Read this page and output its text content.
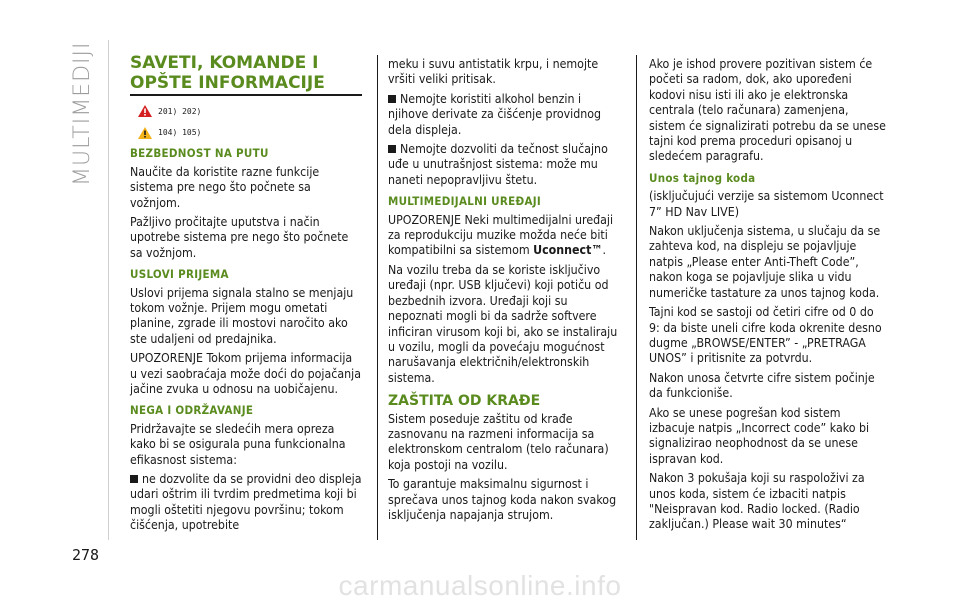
MULTIMEDIJI SAVETI, KOMANDE I
OPŠTE INFORMACIJE
201) 202)
104) 105)
BEZBEDNOST NA PUTU

Naučite da koristite razne funkcije sistema pre nego što počnete sa vožnjom.

Pažljivo pročitajte uputstva i način upotrebe sistema pre nego što počnete sa vožnjom.

USLOVI PRIJEMA

Uslovi prijema signala stalno se menjaju tokom vožnje. Prijem mogu ometati planine, zgrade ili mostovi naročito ako ste udaljeni od predajnika.

UPOZORENJE Tokom prijema informacija u vezi saobraćaja može doći do pojačanja jačine zvuka u odnosu na uobičajenu.

NEGA I ODRŽAVANJE

Pridržavajte se sledećih mera opreza kako bi se osigurala puna funkcionalna efikasnost sistema:

ne dozvolite da se providni deo displeja udari oštrim ili tvrdim predmetima koji bi mogli oštetiti njegovu površinu; tokom čišćenja, upotrebite

meku i suvu antistatik krpu, i nemojte vršiti veliki pritisak.

Nemojte koristiti alkohol benzin i njihove derivate za čišćenje providnog dela displeja.

Nemojte dozvoliti da tečnost slučajno uđe u unutrašnjost sistema: može mu naneti nepopravljivu štetu.

MULTIMEDIJALNI UREĐAJI

UPOZORENJE Neki multimedijalni uređaji za reprodukciju muzike možda neće biti kompatibilni sa sistemom Uconnect™.

Na vozilu treba da se koriste isključivo uređaji (npr. USB ključevi) koji potiču od bezbednih izvora. Uređaji koji su nepoznati mogli bi da sadrže softvere inficiran virusom koji bi, ako se instaliraju u vozilu, mogli da povećaju mogućnost narušavanja električnih/elektronskih sistema.

ZAŠTITA OD KRAĐE

Sistem poseduje zaštitu od krađe zasnovanu na razmeni informacija sa elektronskom centralom (telo računara) koja postoji na vozilu.

To garantuje maksimalnu sigurnost i sprečava unos tajnog koda nakon svakog isključenja napajanja strujom.

Ako je ishod provere pozitivan sistem će početi sa radom, dok, ako upoređeni kodovi nisu isti ili ako je elektronska centrala (telo računara) zamenjena, sistem će signalizirati potrebu da se unese tajni kod prema proceduri opisanoj u sledećem paragrafu.

Unos tajnog koda

(isključujući verzije sa sistemom Uconnect 7” HD Nav LIVE)

Nakon uključenja sistema, u slučaju da se zahteva kod, na displeju se pojavljuje natpis „Please enter Anti-Theft Code”, nakon koga se pojavljuje slika u vidu numeričke tastature za unos tajnog koda.

Tajni kod se sastoji od četiri cifre od 0 do 9: da biste uneli cifre koda okrenite desno dugme „BROWSE/ENTER” - „PRETRAGA UNOS” i pritisnite za potvrdu.

Nakon unosa četvrte cifre sistem počinje da funkcioniše.

Ako se unese pogrešan kod sistem izbacuje natpis „Incorrect code” kako bi signalizirao neophodnost da se unese ispravan kod.

Nakon 3 pokušaja koji su raspoloživi za unos koda, sistem će izbaciti natpis "Neispravan kod. Radio locked. (Radio zaključan.) Please wait 30 minutes“

278
carmanualsonline.info
